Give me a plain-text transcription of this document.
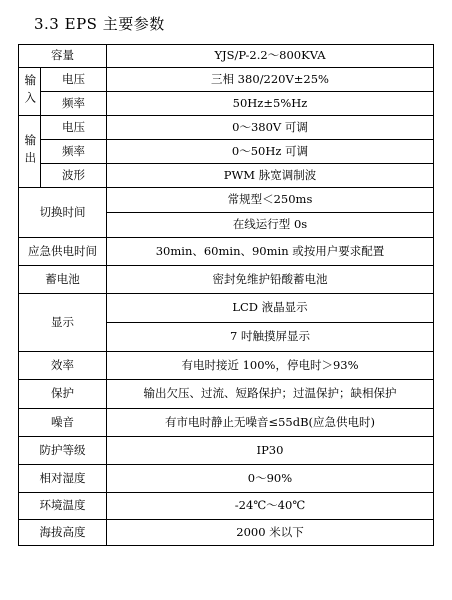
3.3 EPS 主要参数
容量		YJS/P-2.2～800KVA
输入	电压	三相 380/220V±25%
	频率	50Hz±5%Hz
输出	电压	0～380V 可调
	频率	0～50Hz 可调
	波形	PWM 脉宽调制波
切换时间		常规型＜250ms
		在线运行型 0s
应急供电时间		30min、60min、90min 或按用户要求配置
蓄电池		密封免维护铅酸蓄电池
显示		LCD 液晶显示
		7 吋触摸屏显示
效率		有电时接近 100%，停电时＞93%
保护		输出欠压、过流、短路保护；过温保护；缺相保护
噪音		有市电时静止无噪音≤55dB(应急供电时)
防护等级		IP30
相对湿度		0～90%
环境温度		-24℃～40℃
海拔高度		2000 米以下
